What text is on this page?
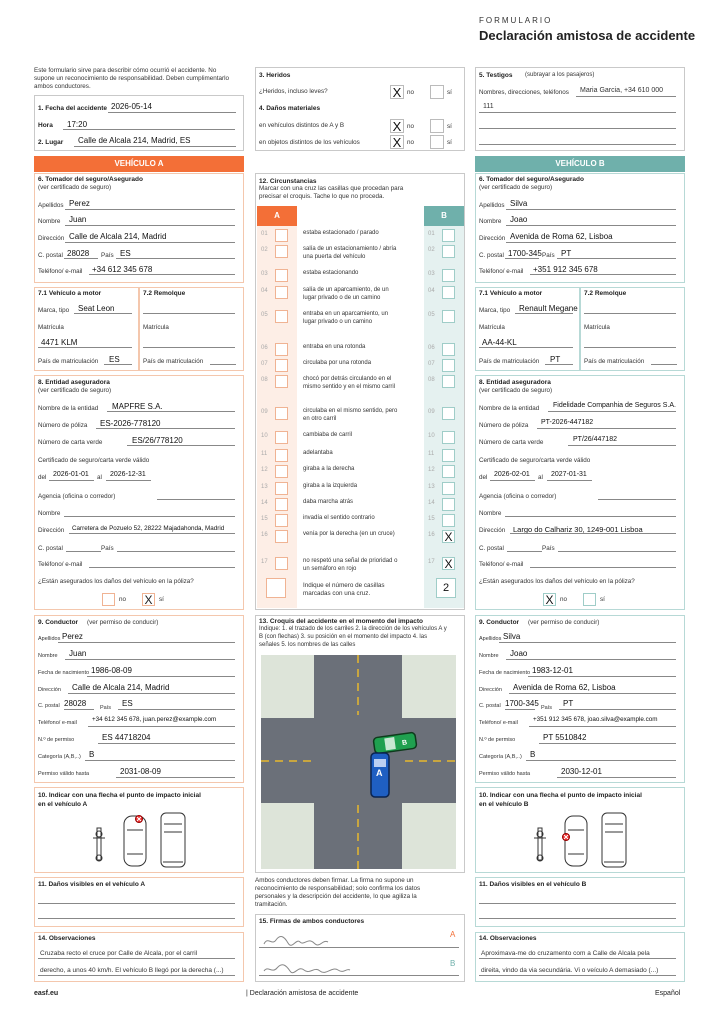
FORMULARIO
Declaración amistosa de accidente
Este formulario sirve para describir cómo ocurrió el accidente. No supone un reconocimiento de responsabilidad. Deben cumplimentarlo ambos conductores.
1. Fecha del accidente 2026-05-14
Hora 17:20
2. Lugar Calle de Alcala 214, Madrid, ES
3. Heridos
¿Heridos, incluso leves?	X no	sí
4. Daños materiales
en vehículos distintos de A y B	X no	sí
en objetos distintos de los vehículos	X no	sí
5. Testigos (subrayar a los pasajeros)
Nombres, direcciones, teléfonos Maria Garcia, +34 610 000
111
VEHÍCULO A	VEHÍCULO B
6. Tomador del seguro/Asegurado
(ver certificado de seguro)
Apellidos Perez
Nombre Juan
Dirección Calle de Alcala 214, Madrid
C. postal 28028 País ES
Teléfono/ e-mail +34 612 345 678
7.1 Vehículo a motor	7.2 Remolque
Marca, tipo Seat Leon
Matrícula	Matrícula
4471 KLM
País de matriculación ES	País de matriculación
8. Entidad aseguradora
(ver certificado de seguro)
Nombre de la entidad MAPFRE S.A.
Número de póliza ES-2026-778120
Número de carta verde	ES/26/778120
Certificado de seguro/carta verde válido
del 2026-01-01 al 2026-12-31
Agencia (oficina o corredor)
Nombre
Dirección Carretera de Pozuelo 52, 28222 Majadahonda, Madrid
C. postal	País
Teléfono/ e-mail
¿Están asegurados los daños del vehículo en la póliza?
no X	sí
9. Conductor (ver permiso de conducir)
Apellidos Perez
Nombre Juan
Fecha de nacimiento 1986-08-09
Dirección Calle de Alcala 214, Madrid
C. postal 28028	País ES
Teléfono/ e-mail +34 612 345 678, juan.perez@example.com
N.º de permiso	ES 44718204
Categoría (A,B,..) B
Permiso válido hasta	2031-08-09
10. Indicar con una flecha el punto de impacto inicial en el vehículo A
11. Daños visibles en el vehículo A
14. Observaciones
Cruzaba recto el cruce por Calle de Alcala, por el carril
derecho, a unos 40 km/h. El vehículo B llegó por la derecha (...)
6. Tomador del seguro/Asegurado
(ver certificado de seguro)
Apellidos Silva
Nombre Joao
Dirección Avenida de Roma 62, Lisboa
C. postal 1700-345 País PT
Teléfono/ e-mail +351 912 345 678
7.1 Vehículo a motor	7.2 Remolque
Marca, tipo Renault Megane
Matrícula	Matrícula
AA-44-KL
País de matriculación PT	País de matriculación
8. Entidad aseguradora
(ver certificado de seguro)
Nombre de la entidad Fidelidade Companhia de Seguros S.A.
Número de póliza PT-2026-447182
Número de carta verde	PT/26/447182
Certificado de seguro/carta verde válido
del 2026-02-01 al 2027-01-31
Agencia (oficina o corredor)
Nombre
Dirección Largo do Calhariz 30, 1249-001 Lisboa
C. postal	País
Teléfono/ e-mail
¿Están asegurados los daños del vehículo en la póliza?
X	no	sí
9. Conductor (ver permiso de conducir)
Apellidos Silva
Nombre Joao
Fecha de nacimiento 1983-12-01
Dirección Avenida de Roma 62, Lisboa
C. postal 1700-345 País PT
Teléfono/ e-mail +351 912 345 678, joao.silva@example.com
N.º de permiso	PT 5510842
Categoría (A,B,..) B
Permiso válido hasta	2030-12-01
10. Indicar con una flecha el punto de impacto inicial en el vehículo B
11. Daños visibles en el vehículo B
14. Observaciones
Aproximava-me do cruzamento com a Calle de Alcala pela
direita, vindo da via secundária. Vi o veículo A demasiado (...)
12. Circunstancias
Marcar con una cruz las casillas que procedan para precisar el croquis. Tache lo que no proceda.
A	B
01	estaba estacionado / parado	01
02	salía de un estacionamiento / abría una puerta del vehículo
02
03	estaba estacionando	03
04	salía de un aparcamiento, de un lugar privado o de un camino
04
05	entraba en un aparcamiento, un lugar privado o un camino
05
06	entraba en una rotonda	06
07	circulaba por una rotonda	07
08	chocó por detrás circulando en el mismo sentido y en el mismo carril
08
09	circulaba en el mismo sentido, pero en otro carril
09
10	cambiaba de carril	10
11	adelantaba	11
12	giraba a la derecha	12
13	giraba a la izquierda	13
14	daba marcha atrás	14
15	invadía el sentido contrario	15
16	venía por la derecha (en un cruce)	16 X
17	no respetó una señal de prioridad o un semáforo en rojo
17 X
Indique el número de casillas marcadas con una cruz.	2
13. Croquis del accidente en el momento del impacto
Indique: 1. el trazado de los carriles 2. la dirección de los vehículos A y B (con flechas) 3. su posición en el momento del impacto 4. las señales 5. los nombres de las calles
B
A
Ambos conductores deben firmar. La firma no supone un reconocimiento de responsabilidad; solo confirma los datos personales y la descripción del accidente, lo que agiliza la tramitación.
15. Firmas de ambos conductores
A
B
easf.eu	| Declaración amistosa de accidente	Español
